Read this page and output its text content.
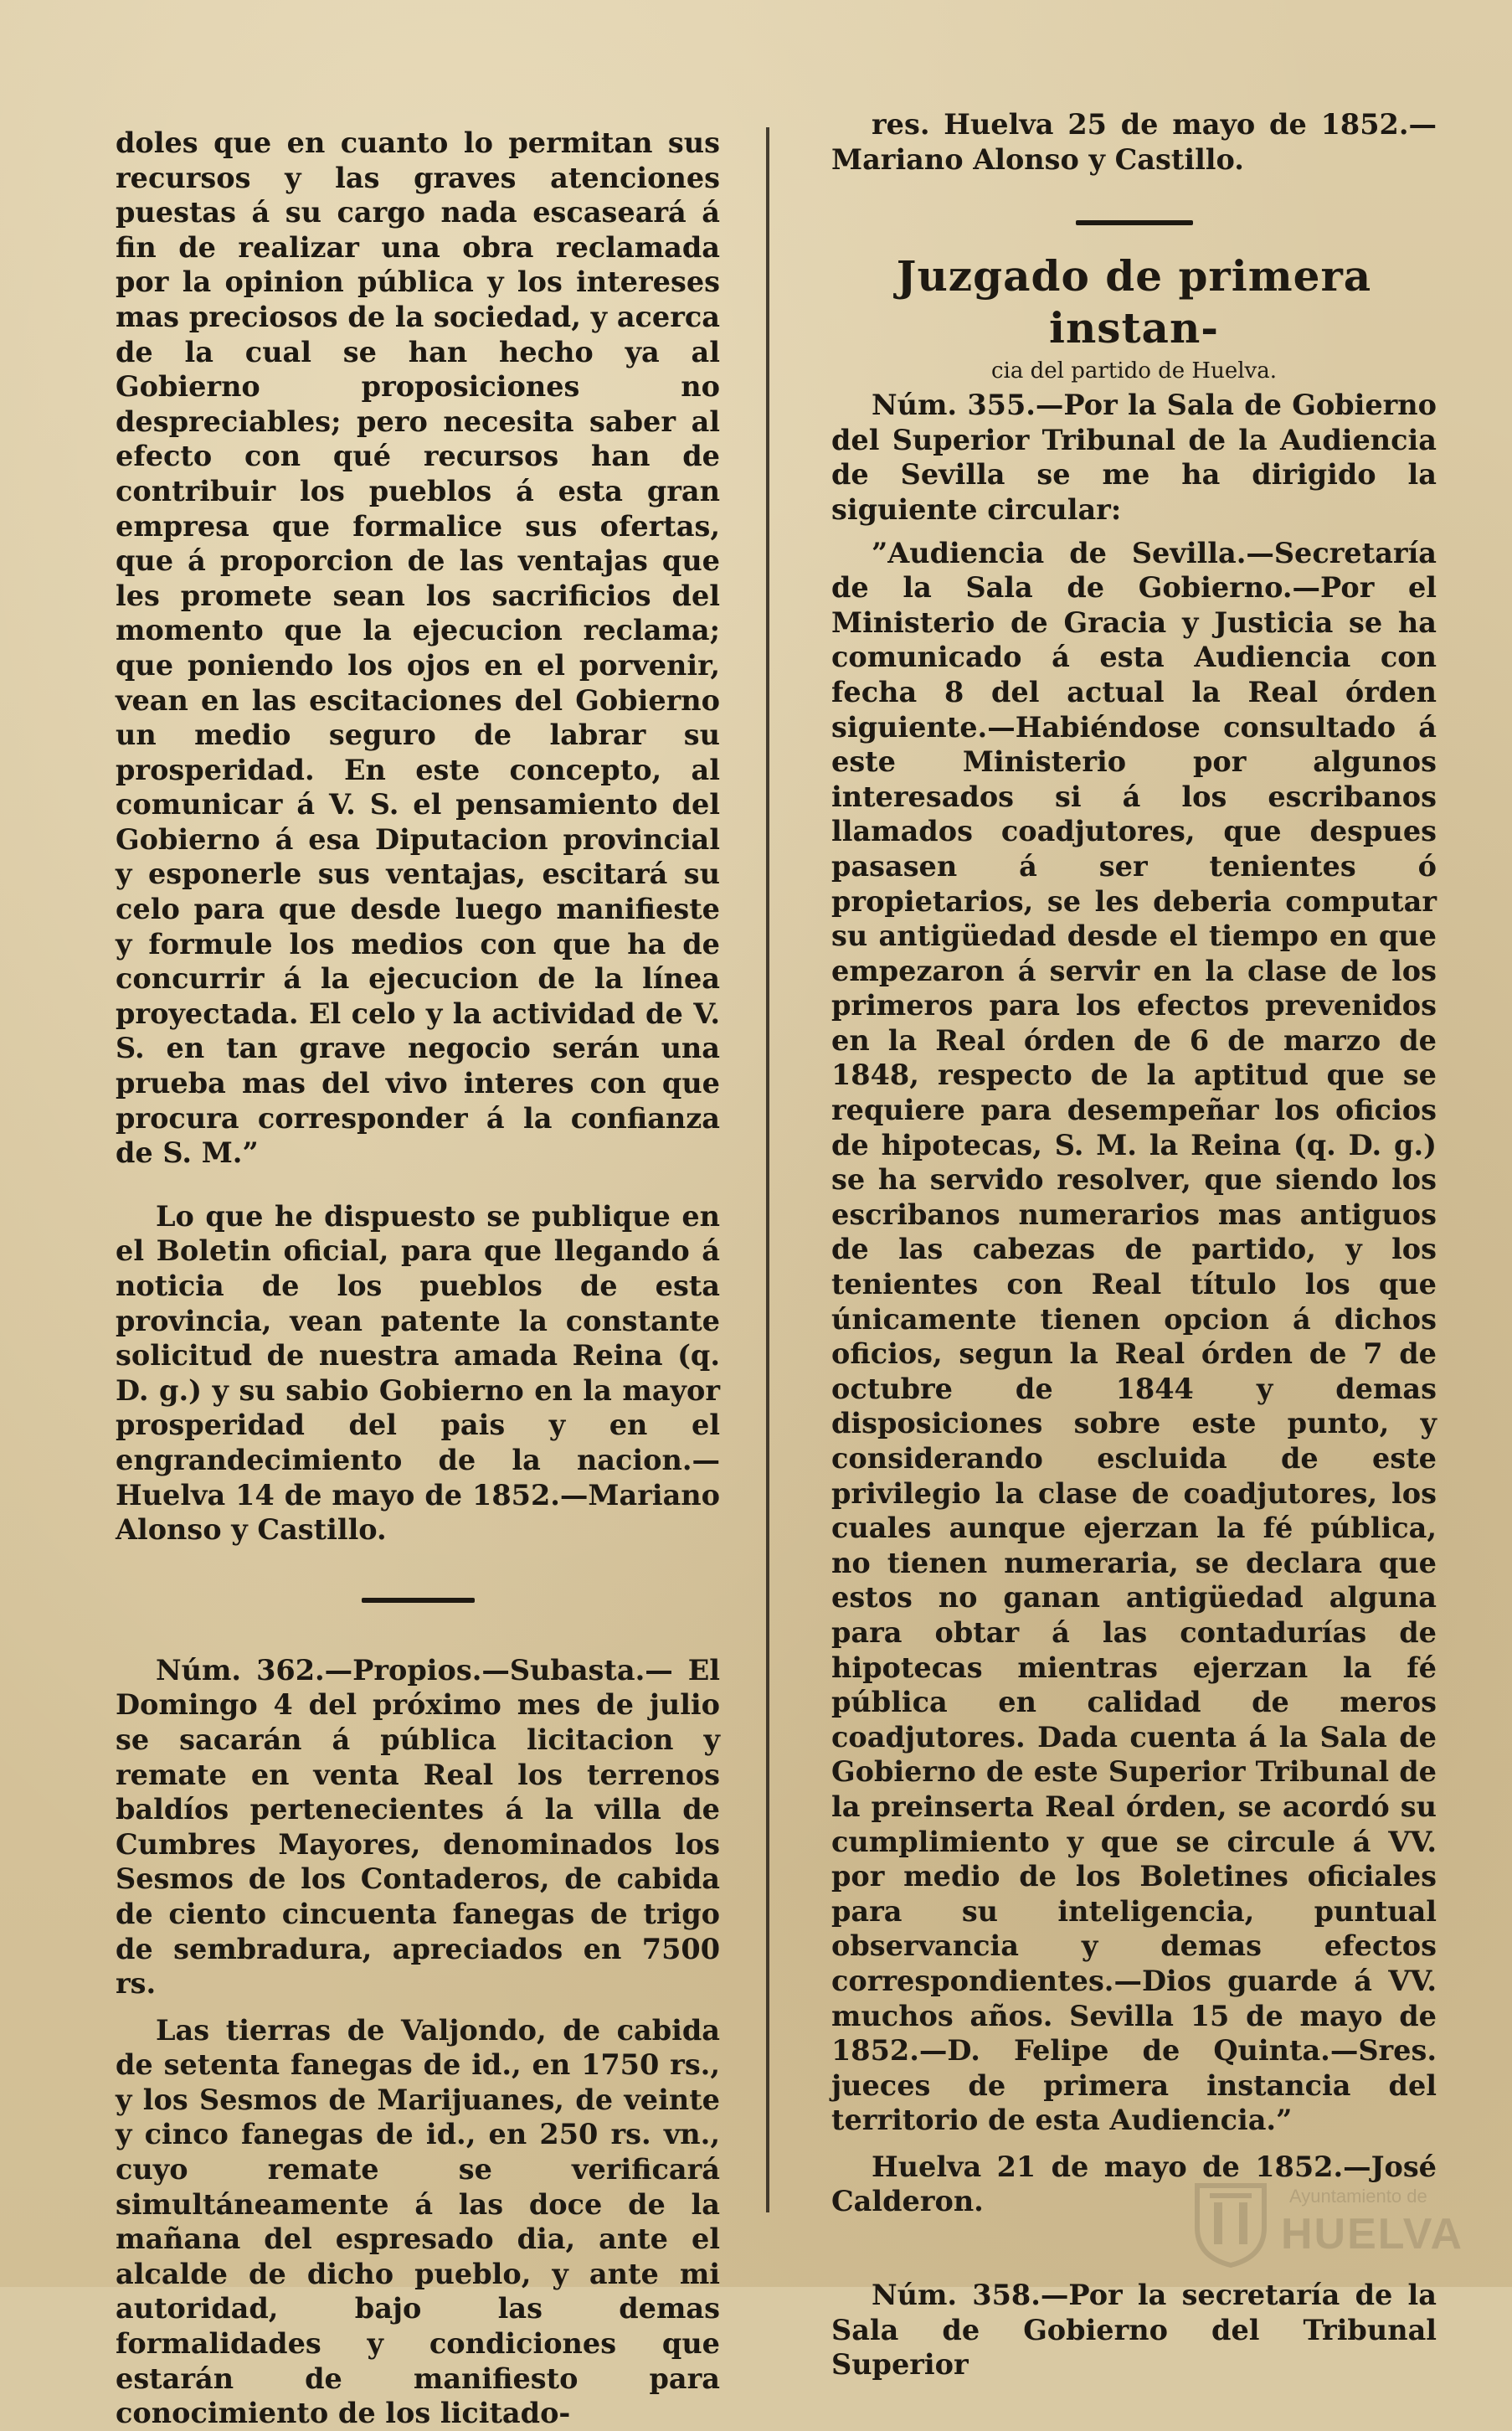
doles que en cuanto lo permitan sus recursos y las graves atenciones puestas á su cargo nada escaseará á fin de realizar una obra reclamada por la opinion pública y los intereses mas preciosos de la sociedad, y acerca de la cual se han hecho ya al Gobierno proposiciones no despreciables; pero necesita saber al efecto con qué recursos han de contribuir los pueblos á esta gran empresa que formalice sus ofertas, que á proporcion de las ventajas que les promete sean los sacrificios del momento que la ejecucion reclama; que poniendo los ojos en el porvenir, vean en las escitaciones del Gobierno un medio seguro de labrar su prosperidad. En este concepto, al comunicar á V. S. el pensamiento del Gobierno á esa Diputacion provincial y esponerle sus ventajas, escitará su celo para que desde luego manifieste y formule los medios con que ha de concurrir á la ejecucion de la línea proyectada. El celo y la actividad de V. S. en tan grave negocio serán una prueba mas del vivo interes con que procura corresponder á la confianza de S. M.”

Lo que he dispuesto se publique en el Boletin oficial, para que llegando á noticia de los pueblos de esta provincia, vean patente la constante solicitud de nuestra amada Reina (q. D. g.) y su sabio Gobierno en la mayor prosperidad del pais y en el engrandecimiento de la nacion.— Huelva 14 de mayo de 1852.—Mariano Alonso y Castillo.

Núm. 362.—Propios.—Subasta.— El Domingo 4 del próximo mes de julio se sacarán á pública licitacion y remate en venta Real los terrenos baldíos pertenecientes á la villa de Cumbres Mayores, denominados los Sesmos de los Contaderos, de cabida de ciento cincuenta fanegas de trigo de sembradura, apreciados en 7500 rs.

Las tierras de Valjondo, de cabida de setenta fanegas de id., en 1750 rs., y los Sesmos de Marijuanes, de veinte y cinco fanegas de id., en 250 rs. vn., cuyo remate se verificará simultáneamente á las doce de la mañana del espresado dia, ante el alcalde de dicho pueblo, y ante mi autoridad, bajo las demas formalidades y condiciones que estarán de manifiesto para conocimiento de los licitado-

res. Huelva 25 de mayo de 1852.—Mariano Alonso y Castillo.

Juzgado de primera instan-

cia del partido de Huelva.

Núm. 355.—Por la Sala de Gobierno del Superior Tribunal de la Audiencia de Sevilla se me ha dirigido la siguiente circular:

”Audiencia de Sevilla.—Secretaría de la Sala de Gobierno.—Por el Ministerio de Gracia y Justicia se ha comunicado á esta Audiencia con fecha 8 del actual la Real órden siguiente.—Habiéndose consultado á este Ministerio por algunos interesados si á los escribanos llamados coadjutores, que despues pasasen á ser tenientes ó propietarios, se les deberia computar su antigüedad desde el tiempo en que empezaron á servir en la clase de los primeros para los efectos prevenidos en la Real órden de 6 de marzo de 1848, respecto de la aptitud que se requiere para desempeñar los oficios de hipotecas, S. M. la Reina (q. D. g.) se ha servido resolver, que siendo los escribanos numerarios mas antiguos de las cabezas de partido, y los tenientes con Real título los que únicamente tienen opcion á dichos oficios, segun la Real órden de 7 de octubre de 1844 y demas disposiciones sobre este punto, y considerando escluida de este privilegio la clase de coadjutores, los cuales aunque ejerzan la fé pública, no tienen numeraria, se declara que estos no ganan antigüedad alguna para obtar á las contadurías de hipotecas mientras ejerzan la fé pública en calidad de meros coadjutores. Dada cuenta á la Sala de Gobierno de este Superior Tribunal de la preinserta Real órden, se acordó su cumplimiento y que se circule á VV. por medio de los Boletines oficiales para su inteligencia, puntual observancia y demas efectos correspondientes.—Dios guarde á VV. muchos años. Sevilla 15 de mayo de 1852.—D. Felipe de Quinta.—Sres. jueces de primera instancia del territorio de esta Audiencia.”

Huelva 21 de mayo de 1852.—José Calderon.

Núm. 358.—Por la secretaría de la Sala de Gobierno del Tribunal Superior

Ayuntamiento de
HUELVA
